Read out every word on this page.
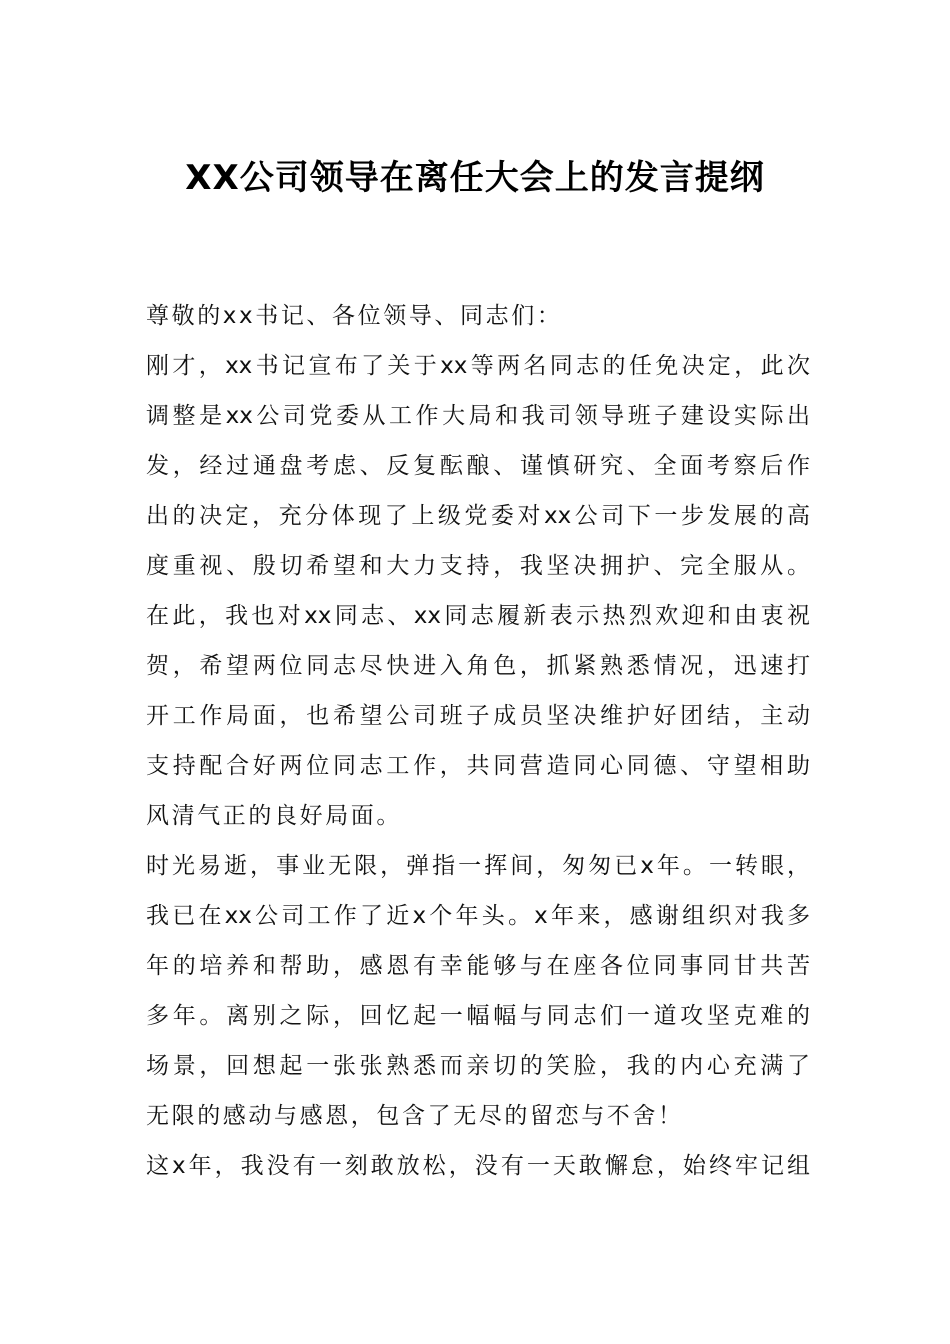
XX公司领导在离任大会上的发言提纲
尊敬的xx书记、各位领导、同志们：
刚才，xx书记宣布了关于xx等两名同志的任免决定，此次
调整是xx公司党委从工作大局和我司领导班子建设实际出
发，经过通盘考虑、反复酝酿、谨慎研究、全面考察后作
出的决定，充分体现了上级党委对xx公司下一步发展的高
度重视、殷切希望和大力支持，我坚决拥护、完全服从。
在此，我也对xx同志、xx同志履新表示热烈欢迎和由衷祝
贺，希望两位同志尽快进入角色，抓紧熟悉情况，迅速打
开工作局面，也希望公司班子成员坚决维护好团结，主动
支持配合好两位同志工作，共同营造同心同德、守望相助
风清气正的良好局面。
时光易逝，事业无限，弹指一挥间，匆匆已x年。一转眼，
我已在xx公司工作了近x个年头。x年来，感谢组织对我多
年的培养和帮助，感恩有幸能够与在座各位同事同甘共苦
多年。离别之际，回忆起一幅幅与同志们一道攻坚克难的
场景，回想起一张张熟悉而亲切的笑脸，我的内心充满了
无限的感动与感恩，包含了无尽的留恋与不舍！
这x年，我没有一刻敢放松，没有一天敢懈怠，始终牢记组
